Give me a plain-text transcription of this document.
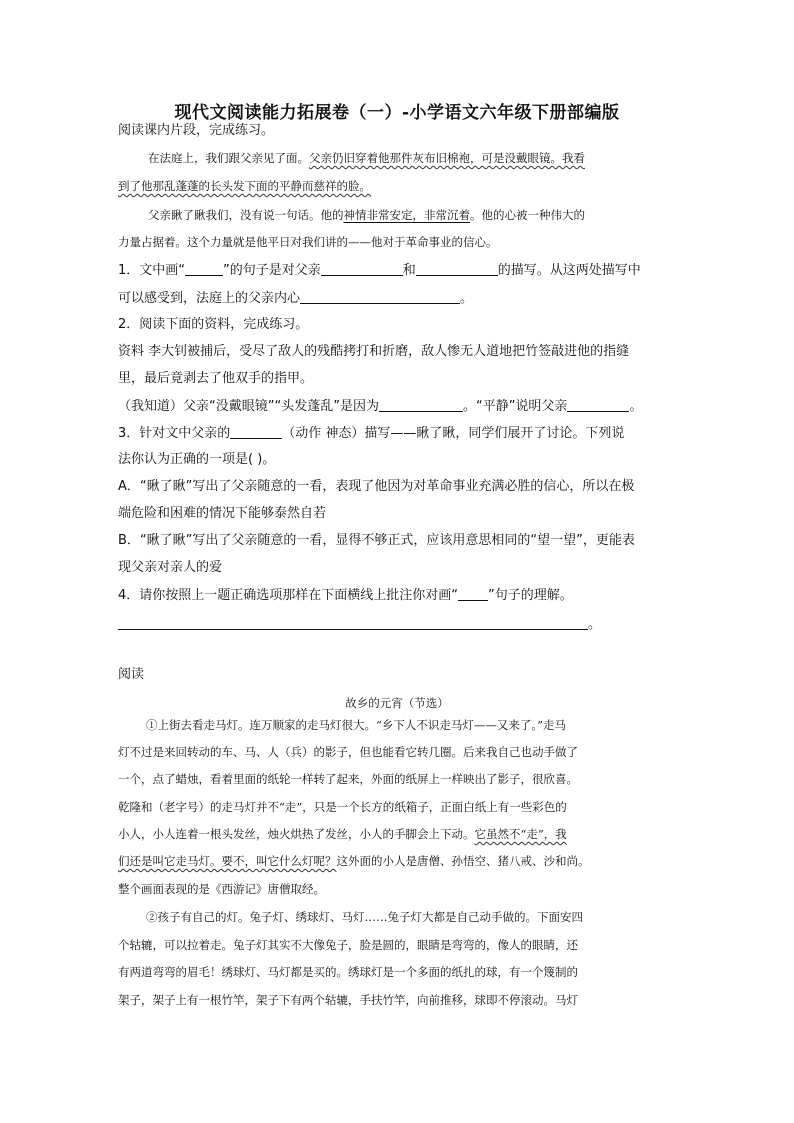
现代文阅读能力拓展卷（一）-小学语文六年级下册部编版
阅读课内片段，完成练习。
在法庭上，我们跟父亲见了面。父亲仍旧穿着他那件灰布旧棉袍，可是没戴眼镜。我看
到了他那乱蓬蓬的长头发下面的平静而慈祥的脸。
父亲瞅了瞅我们，没有说一句话。他的神情非常安定，非常沉着。他的心被一种伟大的
力量占据着。这个力量就是他平日对我们讲的——他对于革命事业的信心。
1．文中画“	”的句子是对父亲	和	的描写。从这两处描写中
可以感受到，法庭上的父亲内心	。
2．阅读下面的资料，完成练习。
资料 李大钊被捕后，受尽了敌人的残酷拷打和折磨，敌人惨无人道地把竹签敲进他的指缝
里，最后竟剥去了他双手的指甲。
（我知道）父亲“没戴眼镜”“头发蓬乱”是因为	。“平静”说明父亲	。
3．针对文中父亲的	（动作 神态）描写——瞅了瞅，同学们展开了讨论。下列说
法你认为正确的一项是( )。
A．“瞅了瞅”写出了父亲随意的一看，表现了他因为对革命事业充满必胜的信心，所以在极
端危险和困难的情况下能够泰然自若
B．“瞅了瞅”写出了父亲随意的一看，显得不够正式，应该用意思相同的“望一望”，更能表
现父亲对亲人的爱
4．请你按照上一题正确选项那样在下面横线上批注你对画“ ”句子的理解。
。
阅读
故乡的元宵（节选）
①上街去看走马灯。连万顺家的走马灯很大。“乡下人不识走马灯——又来了。”走马
灯不过是来回转动的车、马、人（兵）的影子，但也能看它转几圈。后来我自己也动手做了
一个，点了蜡烛，看着里面的纸轮一样转了起来，外面的纸屏上一样映出了影子，很欣喜。
乾隆和（老字号）的走马灯并不“走”，只是一个长方的纸箱子，正面白纸上有一些彩色的
小人，小人连着一根头发丝，烛火烘热了发丝，小人的手脚会上下动。它虽然不“走”，我
们还是叫它走马灯。要不，叫它什么灯呢？这外面的小人是唐僧、孙悟空、猪八戒、沙和尚。
整个画面表现的是《西游记》唐僧取经。
②孩子有自己的灯。兔子灯、绣球灯、马灯……兔子灯大都是自己动手做的。下面安四
个轱辘，可以拉着走。兔子灯其实不大像兔子，脸是圆的，眼睛是弯弯的，像人的眼睛，还
有两道弯弯的眉毛！绣球灯、马灯都是买的。绣球灯是一个多面的纸扎的球，有一个篾制的
架子，架子上有一根竹竿，架子下有两个轱辘，手扶竹竿，向前推移，球即不停滚动。马灯
